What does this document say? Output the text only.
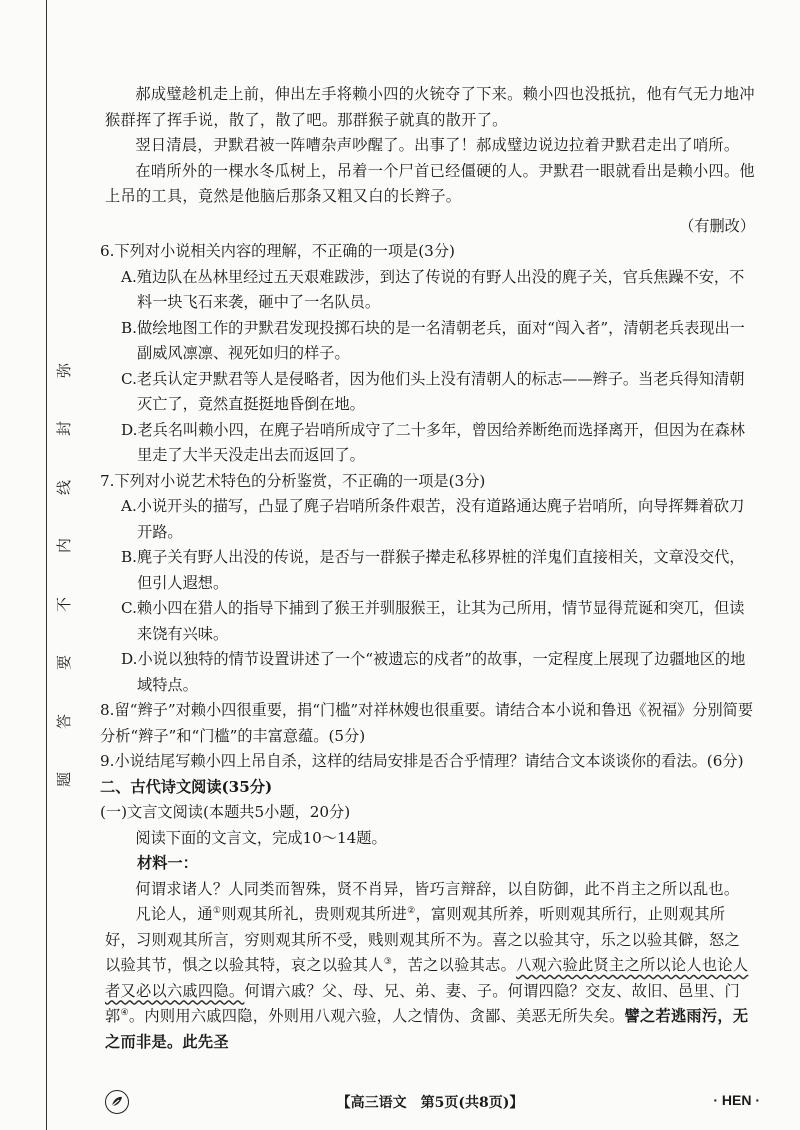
弥
封
线
内
不
要
答
题

郝成璧趁机走上前，伸出左手将赖小四的火铳夺了下来。赖小四也没抵抗，他有气无力地冲猴群挥了挥手说，散了，散了吧。那群猴子就真的散开了。

翌日清晨，尹默君被一阵嘈杂声吵醒了。出事了！郝成璧边说边拉着尹默君走出了哨所。

在哨所外的一棵水冬瓜树上，吊着一个尸首已经僵硬的人。尹默君一眼就看出是赖小四。他上吊的工具，竟然是他脑后那条又粗又白的长辫子。

（有删改）

6.下列对小说相关内容的理解，不正确的一项是(3分)

A.殖边队在丛林里经过五天艰难跋涉，到达了传说的有野人出没的麂子关，官兵焦躁不安，不料一块飞石来袭，砸中了一名队员。

B.做绘地图工作的尹默君发现投掷石块的是一名清朝老兵，面对“闯入者”，清朝老兵表现出一副威风凛凛、视死如归的样子。

C.老兵认定尹默君等人是侵略者，因为他们头上没有清朝人的标志——辫子。当老兵得知清朝灭亡了，竟然直挺挺地昏倒在地。

D.老兵名叫赖小四，在麂子岩哨所成守了二十多年，曾因给养断绝而选择离开，但因为在森林里走了大半天没走出去而返回了。

7.下列对小说艺术特色的分析鉴赏，不正确的一项是(3分)

A.小说开头的描写，凸显了麂子岩哨所条件艰苦，没有道路通达麂子岩哨所，向导挥舞着砍刀开路。

B.麂子关有野人出没的传说，是否与一群猴子撵走私移界桩的洋鬼们直接相关，文章没交代，但引人遐想。

C.赖小四在猎人的指导下捕到了猴王并驯服猴王，让其为己所用，情节显得荒诞和突兀，但读来饶有兴味。

D.小说以独特的情节设置讲述了一个“被遗忘的戍者”的故事，一定程度上展现了边疆地区的地域特点。

8.留“辫子”对赖小四很重要，捐“门槛”对祥林嫂也很重要。请结合本小说和鲁迅《祝福》分别简要分析“辫子”和“门槛”的丰富意蕴。(5分)

9.小说结尾写赖小四上吊自杀，这样的结局安排是否合乎情理？请结合文本谈谈你的看法。(6分)

二、古代诗文阅读(35分)

(一)文言文阅读(本题共5小题，20分)

阅读下面的文言文，完成10～14题。

材料一：

何谓求诸人？人同类而智殊，贤不肖异，皆巧言辩辞，以自防御，此不肖主之所以乱也。

凡论人，通①则观其所礼，贵则观其所进②，富则观其所养，听则观其所行，止则观其所好，习则观其所言，穷则观其所不受，贱则观其所不为。喜之以验其守，乐之以验其僻，怒之以验其节，惧之以验其特，哀之以验其人③，苦之以验其志。八观六验此贤主之所以论人也论人者又必以六戚四隐。何谓六戚？父、母、兄、弟、妻、子。何谓四隐？交友、故旧、邑里、门郭④。内则用六戚四隐，外则用八观六验，人之情伪、贪鄙、美恶无所失矣。譬之若逃雨污，无之而非是。此先圣

【高三语文　第5页(共8页)】	· HEN ·
